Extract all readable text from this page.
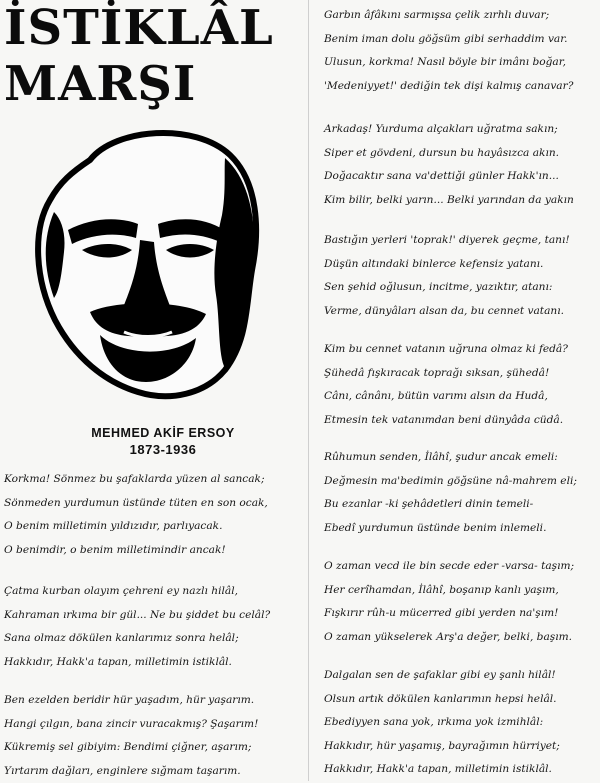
İSTİKLÂL
MARŞI
MEHMED AKİF ERSOY
1873-1936
Korkma! Sönmez bu şafaklarda yüzen al sancak;
Sönmeden yurdumun üstünde tüten en son ocak,
O benim milletimin yıldızıdır, parlıyacak.
O benimdir, o benim milletimindir ancak!
Çatma kurban olayım çehreni ey nazlı hilâl,
Kahraman ırkıma bir gül... Ne bu şiddet bu celâl?
Sana olmaz dökülen kanlarımız sonra helâl;
Hakkıdır, Hakk'a tapan, milletimin istiklâl.
Ben ezelden beridir hür yaşadım, hür yaşarım.
Hangi çılgın, bana zincir vuracakmış? Şaşarım!
Kükremiş sel gibiyim: Bendimi çiğner, aşarım;
Yırtarım dağları, enginlere sığmam taşarım.
Garbın âfâkını sarmışsa çelik zırhlı duvar;
Benim iman dolu göğsüm gibi serhaddim var.
Ulusun, korkma! Nasıl böyle bir imânı boğar,
'Medeniyyet!' dediğin tek dişi kalmış canavar?
Arkadaş! Yurduma alçakları uğratma sakın;
Siper et gövdeni, dursun bu hayâsızca akın.
Doğacaktır sana va'dettiği günler Hakk'ın...
Kim bilir, belki yarın... Belki yarından da yakın
Bastığın yerleri 'toprak!' diyerek geçme, tanı!
Düşün altındaki binlerce kefensiz yatanı.
Sen şehid oğlusun, incitme, yazıktır, atanı:
Verme, dünyâları alsan da, bu cennet vatanı.
Kim bu cennet vatanın uğruna olmaz ki fedâ?
Şühedâ fışkıracak toprağı sıksan, şühedâ!
Cânı, cânânı, bütün varımı alsın da Hudâ,
Etmesin tek vatanımdan beni dünyâda cüdâ.
Rûhumun senden, İlâhî, şudur ancak emeli:
Değmesin ma'bedimin göğsüne nâ-mahrem eli;
Bu ezanlar -ki şehâdetleri dinin temeli-
Ebedî yurdumun üstünde benim inlemeli.
O zaman vecd ile bin secde eder -varsa- taşım;
Her cerîhamdan, İlâhî, boşanıp kanlı yaşım,
Fışkırır rûh-u mücerred gibi yerden na'şım!
O zaman yükselerek Arş'a değer, belki, başım.
Dalgalan sen de şafaklar gibi ey şanlı hilâl!
Olsun artık dökülen kanlarımın hepsi helâl.
Ebediyyen sana yok, ırkıma yok izmihlâl:
Hakkıdır, hür yaşamış, bayrağımın hürriyet;
Hakkıdır, Hakk'a tapan, milletimin istiklâl.
